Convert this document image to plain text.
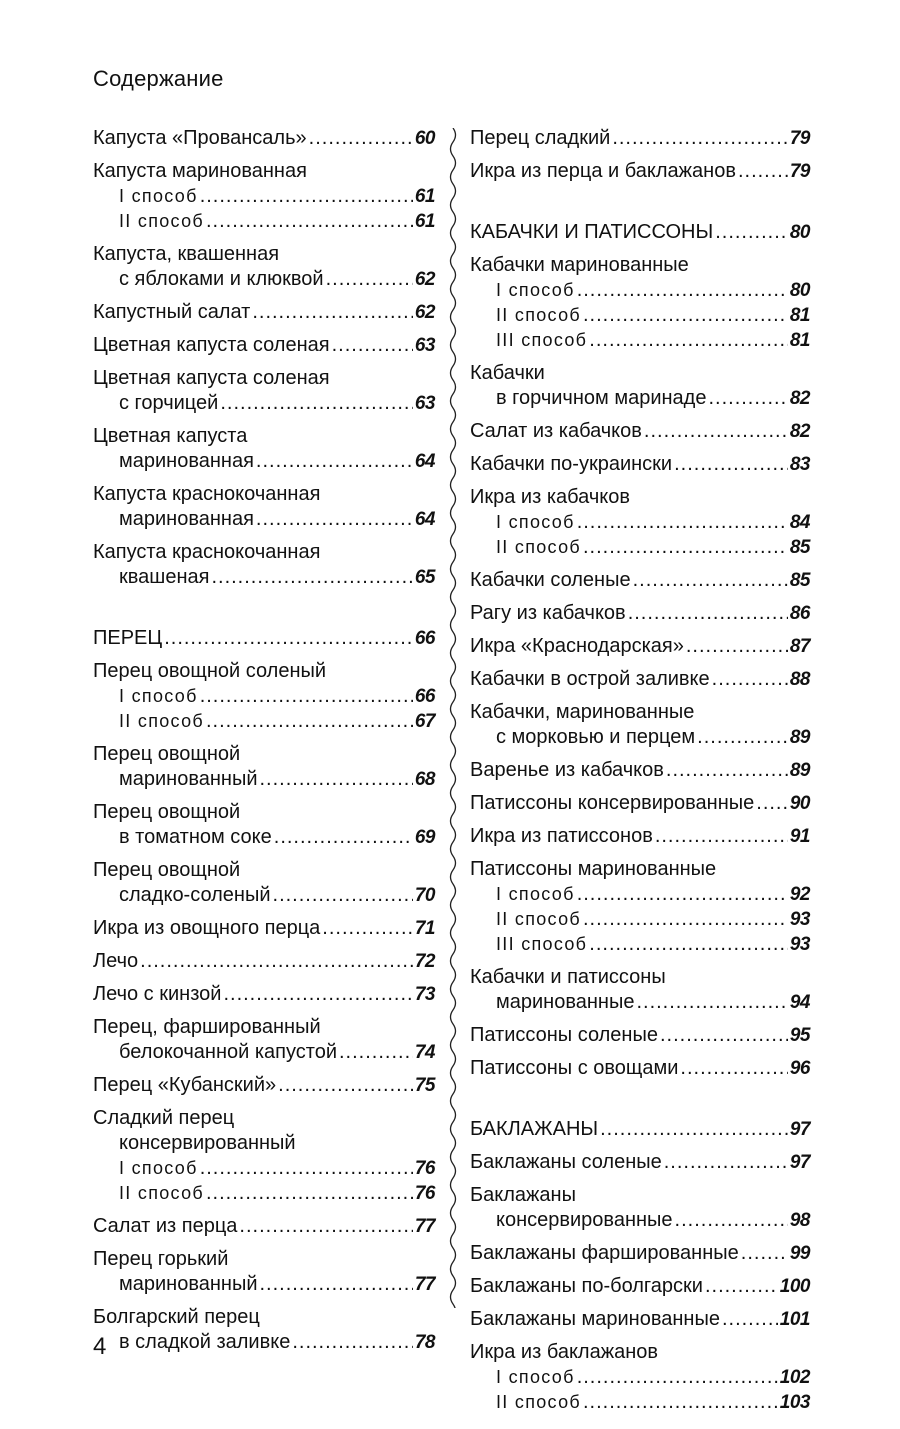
Содержание
Капуста «Провансаль» .....	60
Капуста маринованная
I способ .....	61
II способ .....	61
Капуста, квашенная
с яблоками и клюквой .....	62
Капустный салат .....	62
Цветная капуста соленая .....	63
Цветная капуста соленая
с горчицей .....	63
Цветная капуста
маринованная .....	64
Капуста краснокочанная
маринованная .....	64
Капуста краснокочанная
квашеная .....	65
ПЕРЕЦ .....	66
Перец овощной соленый
I способ .....	66
II способ .....	67
Перец овощной
маринованный .....	68
Перец овощной
в томатном соке .....	69
Перец овощной
сладко-соленый .....	70
Икра из овощного перца .....	71
Лечо .....	72
Лечо с кинзой .....	73
Перец, фаршированный
белокочанной капустой .....	74
Перец «Кубанский» .....	75
Сладкий перец
консервированный
I способ .....	76
II способ .....	76
Салат из перца .....	77
Перец горький
маринованный .....	77
Болгарский перец
в сладкой заливке .....	78
Перец сладкий .....	79
Икра из перца и баклажанов .....	79
КАБАЧКИ И ПАТИССОНЫ .....	80
Кабачки маринованные
I способ .....	80
II способ .....	81
III способ .....	81
Кабачки
в горчичном маринаде .....	82
Салат из кабачков .....	82
Кабачки по-украински .....	83
Икра из кабачков
I способ .....	84
II способ .....	85
Кабачки соленые .....	85
Рагу из кабачков .....	86
Икра «Краснодарская» .....	87
Кабачки в острой заливке .....	88
Кабачки, маринованные
с морковью и перцем .....	89
Варенье из кабачков .....	89
Патиссоны консервированные ..... 90
Икра из патиссонов .....	91
Патиссоны маринованные
I способ .....	92
II способ .....	93
III способ .....	93
Кабачки и патиссоны
маринованные .....	94
Патиссоны соленые .....	95
Патиссоны с овощами .....	96
БАКЛАЖАНЫ .....	97
Баклажаны соленые .....	97
Баклажаны
консервированные .....	98
Баклажаны фаршированные .....	99
Баклажаны по-болгарски .....	100
Баклажаны маринованные .....	101
Икра из баклажанов
I способ .....	102
II способ .....	103
4
